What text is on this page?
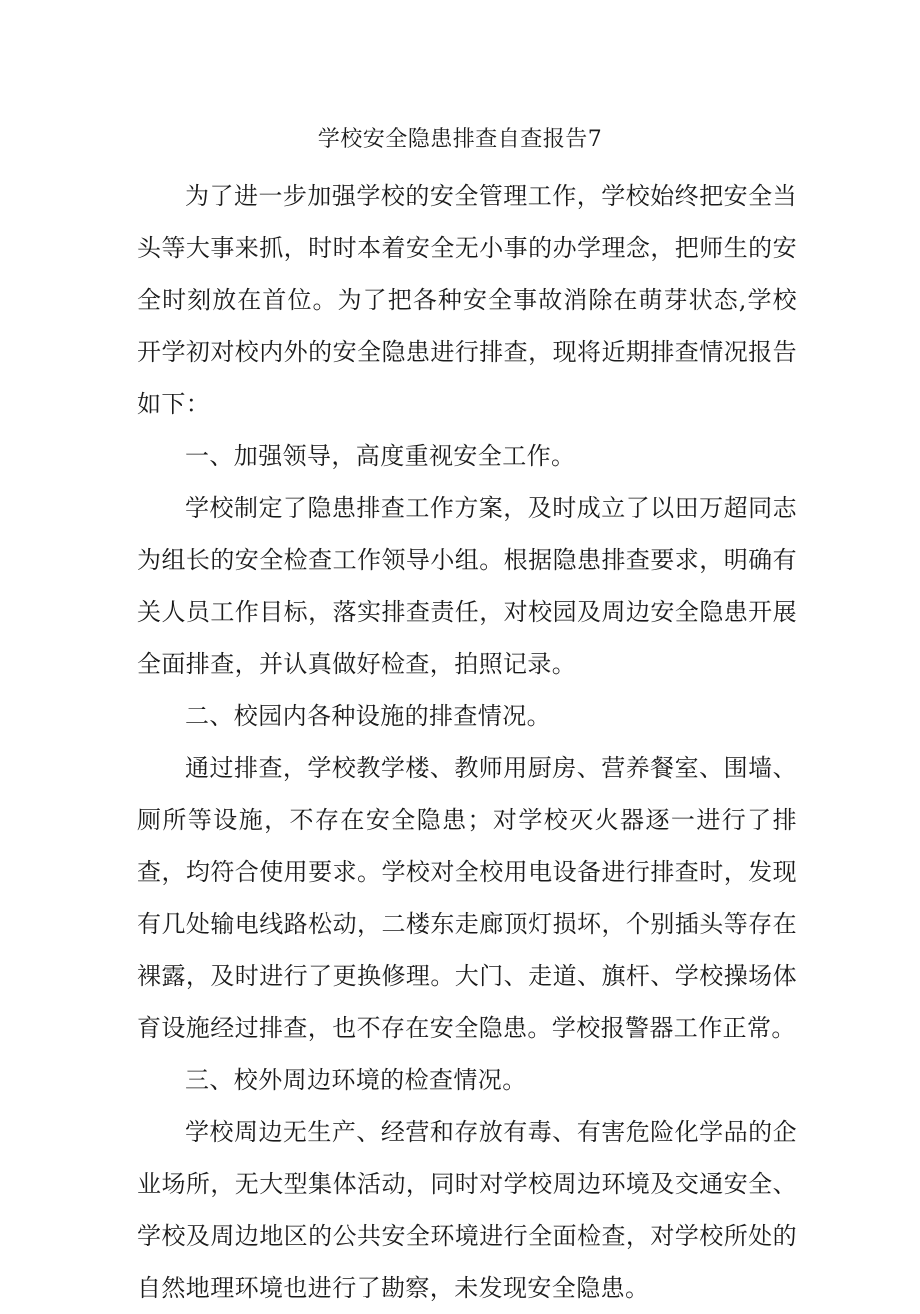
学校安全隐患排查自查报告7

为了进一步加强学校的安全管理工作，学校始终把安全当头等大事来抓，时时本着安全无小事的办学理念，把师生的安全时刻放在首位。为了把各种安全事故消除在萌芽状态,学校开学初对校内外的安全隐患进行排查，现将近期排查情况报告如下：

一、加强领导，高度重视安全工作。

学校制定了隐患排查工作方案，及时成立了以田万超同志为组长的安全检查工作领导小组。根据隐患排查要求，明确有关人员工作目标，落实排查责任，对校园及周边安全隐患开展全面排查，并认真做好检查，拍照记录。

二、校园内各种设施的排查情况。

通过排查，学校教学楼、教师用厨房、营养餐室、围墙、厕所等设施，不存在安全隐患；对学校灭火器逐一进行了排查，均符合使用要求。学校对全校用电设备进行排查时，发现有几处输电线路松动，二楼东走廊顶灯损坏，个别插头等存在裸露，及时进行了更换修理。大门、走道、旗杆、学校操场体育设施经过排查，也不存在安全隐患。学校报警器工作正常。

三、校外周边环境的检查情况。

学校周边无生产、经营和存放有毒、有害危险化学品的企业场所，无大型集体活动，同时对学校周边环境及交通安全、学校及周边地区的公共安全环境进行全面检查，对学校所处的自然地理环境也进行了勘察，未发现安全隐患。
